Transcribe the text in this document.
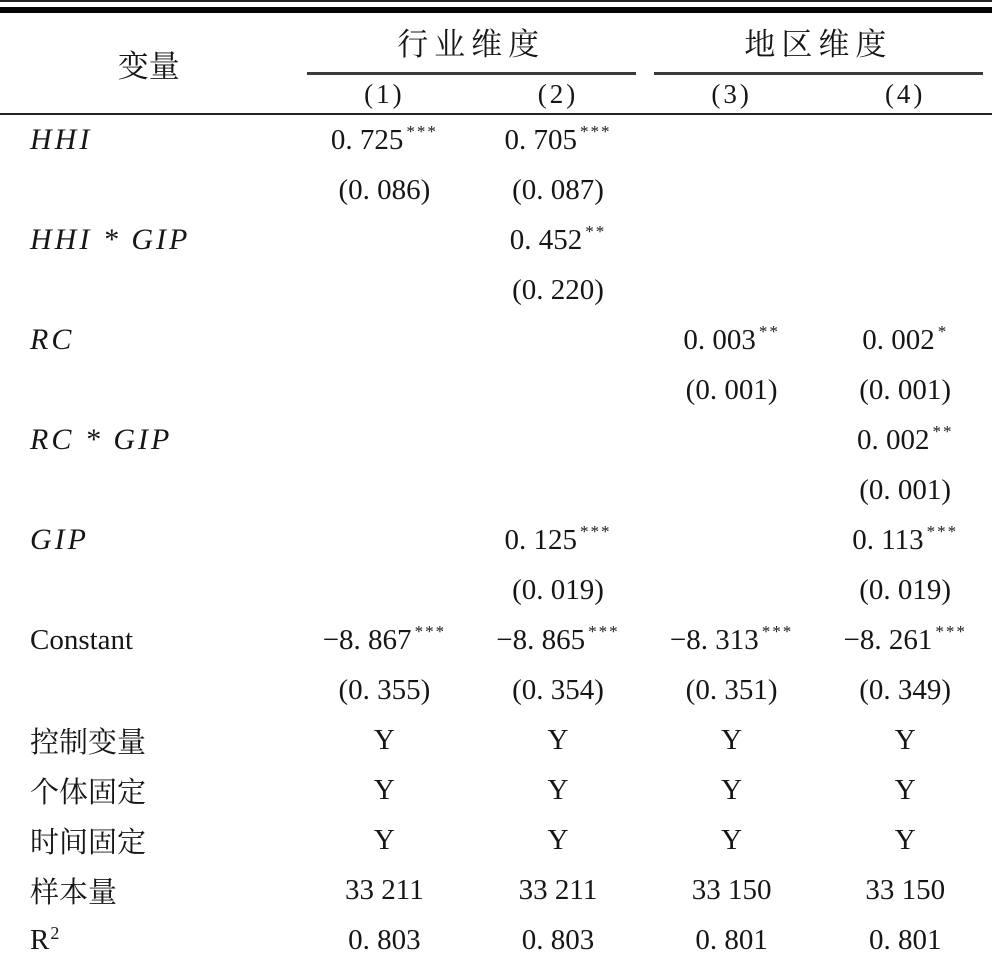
变量	行业维度		地区维度	

	(1)	(2)	(3)	(4)
HHI	0. 725 ***	0. 705 ***		
	(0. 086)	(0. 087)		
HHI * GIP		0. 452 **		
		(0. 220)		
RC			0. 003 **	0. 002 *
			(0. 001)	(0. 001)
RC * GIP				0. 002 **
				(0. 001)
GIP		0. 125 ***		0. 113 ***
		(0. 019)		(0. 019)
Constant	−8. 867 ***	−8. 865 ***	−8. 313 ***	−8. 261 ***
	(0. 355)	(0. 354)	(0. 351)	(0. 349)
控制变量	Y	Y	Y	Y
个体固定	Y	Y	Y	Y
时间固定	Y	Y	Y	Y
样本量	33 211	33 211	33 150	33 150
$R^2$	0. 803	0. 803	0. 801	0. 801
